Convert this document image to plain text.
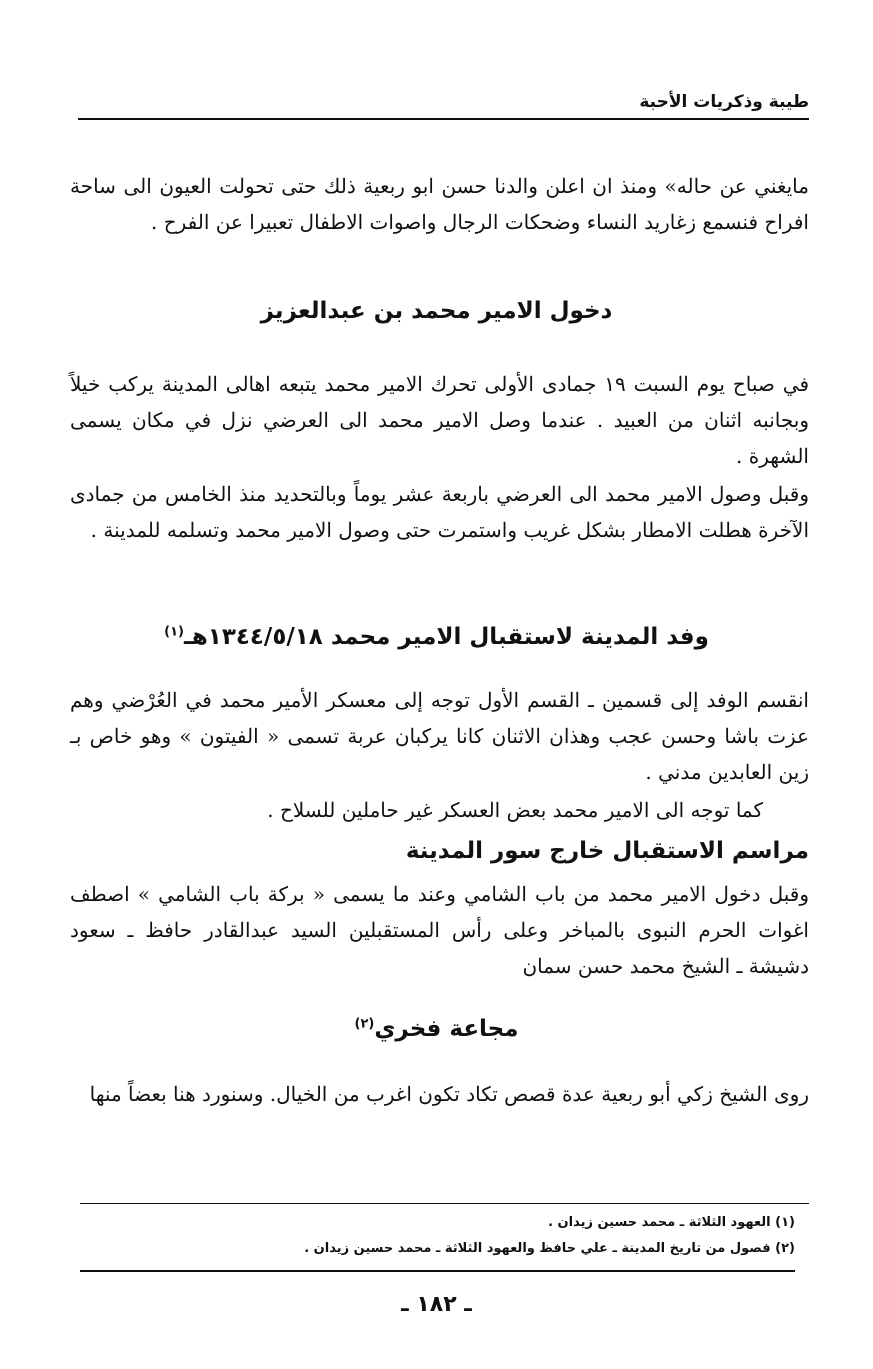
طيبة وذكريات الأحبة
مايغني عن حاله» ومنذ ان اعلن والدنا حسن ابو ربعية ذلك حتى تحولت العيون الى ساحة افراح فنسمع زغاريد النساء وضحكات الرجال واصوات الاطفال تعبيرا عن الفرح .
دخول الامير محمد بن عبدالعزيز
في صباح يوم السبت ١٩ جمادى الأولى تحرك الامير محمد يتبعه اهالى المدينة يركب خيلاً وبجانبه اثنان من العبيد . عندما وصل الامير محمد الى العرضي نزل في مكان يسمى الشهرة .
وقبل وصول الامير محمد الى العرضي باربعة عشر يوماً وبالتحديد منذ الخامس من جمادى الآخرة هطلت الامطار بشكل غريب واستمرت حتى وصول الامير محمد وتسلمه للمدينة .
وفد المدينة لاستقبال الامير محمد ١٣٤٤/٥/١٨هـ$^{(١)}$
انقسم الوفد إلى قسمين ـ القسم الأول توجه إلى معسكر الأمير محمد في العُرْضي وهم عزت باشا وحسن عجب وهذان الاثنان كانا يركبان عربة تسمى « الفيتون » وهو خاص بـ زين العابدين مدني .
كما توجه الى الامير محمد بعض العسكر غير حاملين للسلاح .
مراسم الاستقبال خارج سور المدينة
وقبل دخول الامير محمد من باب الشامي وعند ما يسمى « بركة باب الشامي » اصطف اغوات الحرم النبوى بالمباخر وعلى رأس المستقبلين السيد عبدالقادر حافظ ـ سعود دشيشة ـ الشيخ محمد حسن سمان
مجاعة فخري$^{(٢)}$
روى الشيخ زكي أبو ربعية عدة قصص تكاد تكون اغرب من الخيال. وسنورد هنا بعضاً منها
(١) العهود الثلاثة ـ محمد حسين زيدان .
(٢) فصول من تاريخ المدينة ـ علي حافظ والعهود الثلاثة ـ محمد حسين زيدان .
ـ ١٨٢ ـ
